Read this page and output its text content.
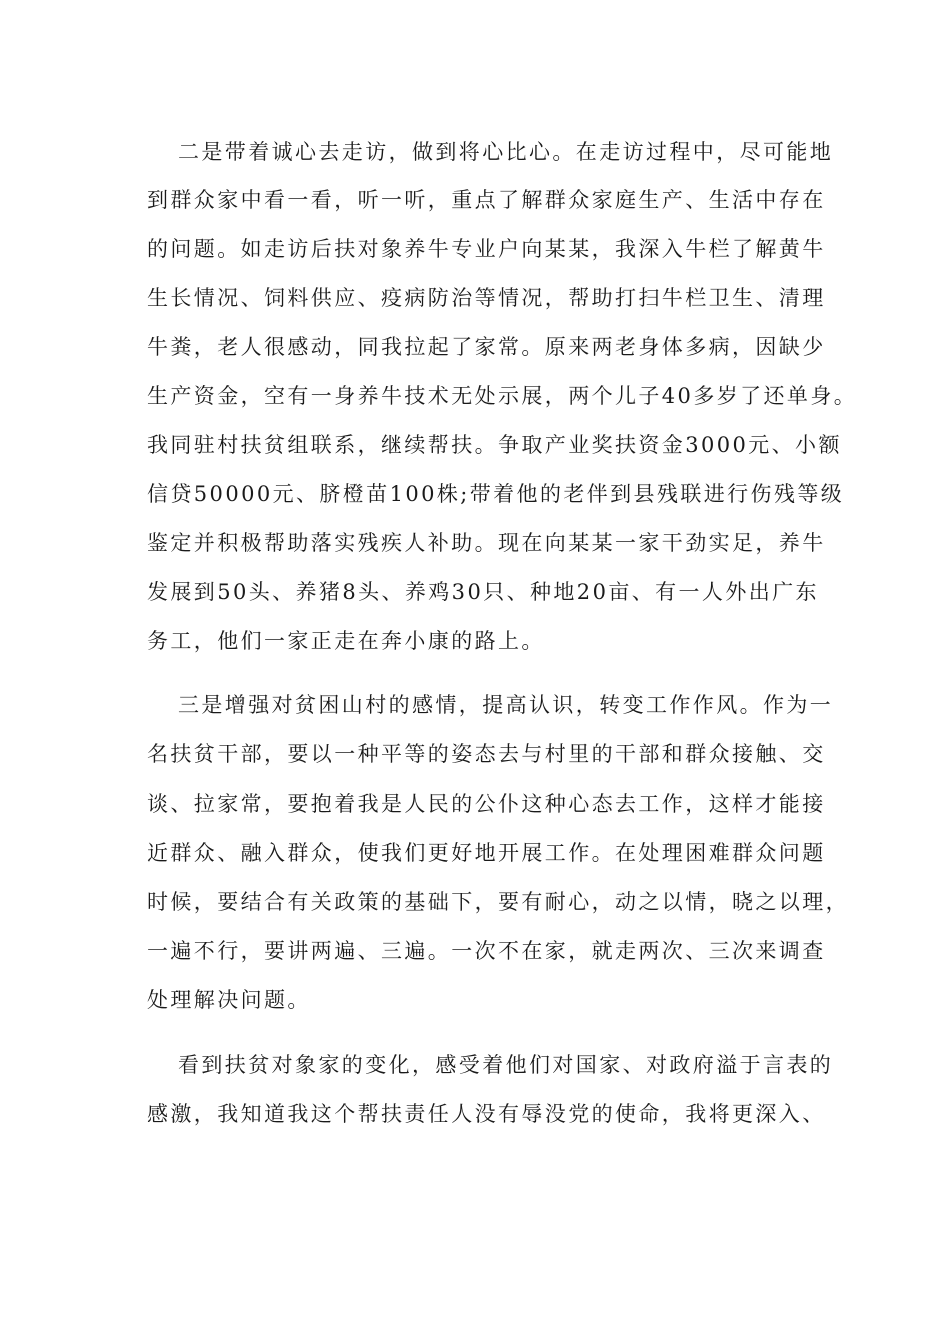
二是带着诚心去走访，做到将心比心。在走访过程中，尽可能地
到群众家中看一看，听一听，重点了解群众家庭生产、生活中存在
的问题。如走访后扶对象养牛专业户向某某，我深入牛栏了解黄牛
生长情况、饲料供应、疫病防治等情况，帮助打扫牛栏卫生、清理
牛粪，老人很感动，同我拉起了家常。原来两老身体多病，因缺少
生产资金，空有一身养牛技术无处示展，两个儿子40多岁了还单身。
我同驻村扶贫组联系，继续帮扶。争取产业奖扶资金3000元、小额
信贷50000元、脐橙苗100株;带着他的老伴到县残联进行伤残等级
鉴定并积极帮助落实残疾人补助。现在向某某一家干劲实足，养牛
发展到50头、养猪8头、养鸡30只、种地20亩、有一人外出广东
务工，他们一家正走在奔小康的路上。
三是增强对贫困山村的感情，提高认识，转变工作作风。作为一
名扶贫干部，要以一种平等的姿态去与村里的干部和群众接触、交
谈、拉家常，要抱着我是人民的公仆这种心态去工作，这样才能接
近群众、融入群众，使我们更好地开展工作。在处理困难群众问题
时候，要结合有关政策的基础下，要有耐心，动之以情，晓之以理，
一遍不行，要讲两遍、三遍。一次不在家，就走两次、三次来调查
处理解决问题。
看到扶贫对象家的变化，感受着他们对国家、对政府溢于言表的
感激，我知道我这个帮扶责任人没有辱没党的使命，我将更深入、
